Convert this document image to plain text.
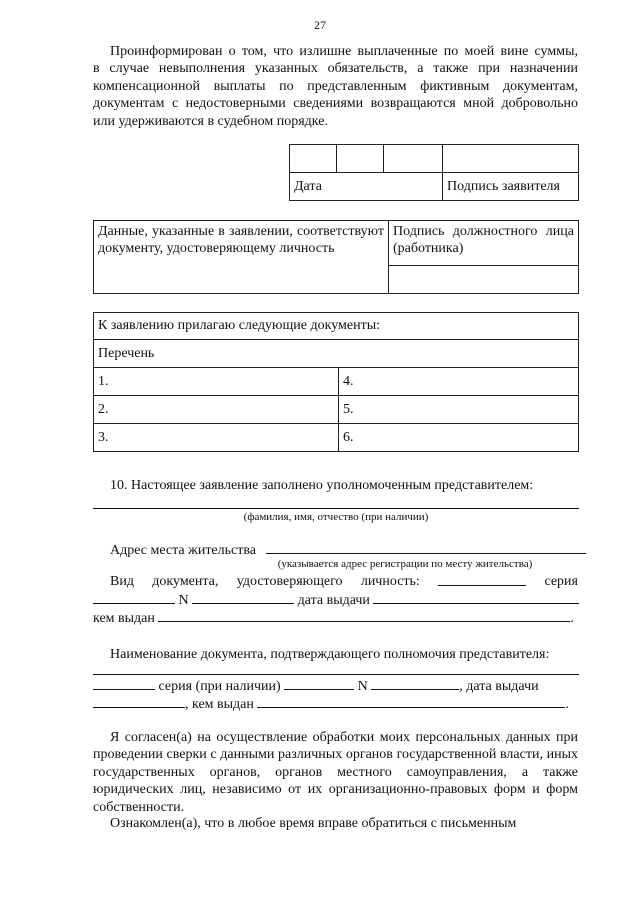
27
Проинформирован о том, что излишне выплаченные по моей вине суммы,
в случае невыполнения указанных обязательств, а также при назначении компенсационной выплаты по представленным фиктивным документам, документам с недостоверными сведениями возвращаются мной добровольно или удерживаются в судебном порядке.

Дата			Подпись заявителя
Данные, указанные в заявлении, соответствуют документу, удостоверяющему личность	Подпись должностного лица (работника)

К заявлению прилагаю следующие документы:	
Перечень	
1.	4.
2.	5.
3.	6.
10. Настоящее заявление заполнено уполномоченным представителем:
(фамилия, имя, отчество (при наличии)
Адрес места жительства
(указывается адрес регистрации по месту жительства)
Вид документа, удостоверяющего личность:	серия
N	дата выдачи
кем выдан	.
Наименование документа, подтверждающего полномочия представителя:
серия (при наличии)	N	, дата выдачи
, кем выдан	.
Я согласен(а) на осуществление обработки моих персональных данных при проведении сверки с данными различных органов государственной власти, иных государственных органов, органов местного самоуправления, а также юридических лиц, независимо от их организационно-правовых форм и форм собственности.
Ознакомлен(а), что в любое время вправе обратиться с письменным
